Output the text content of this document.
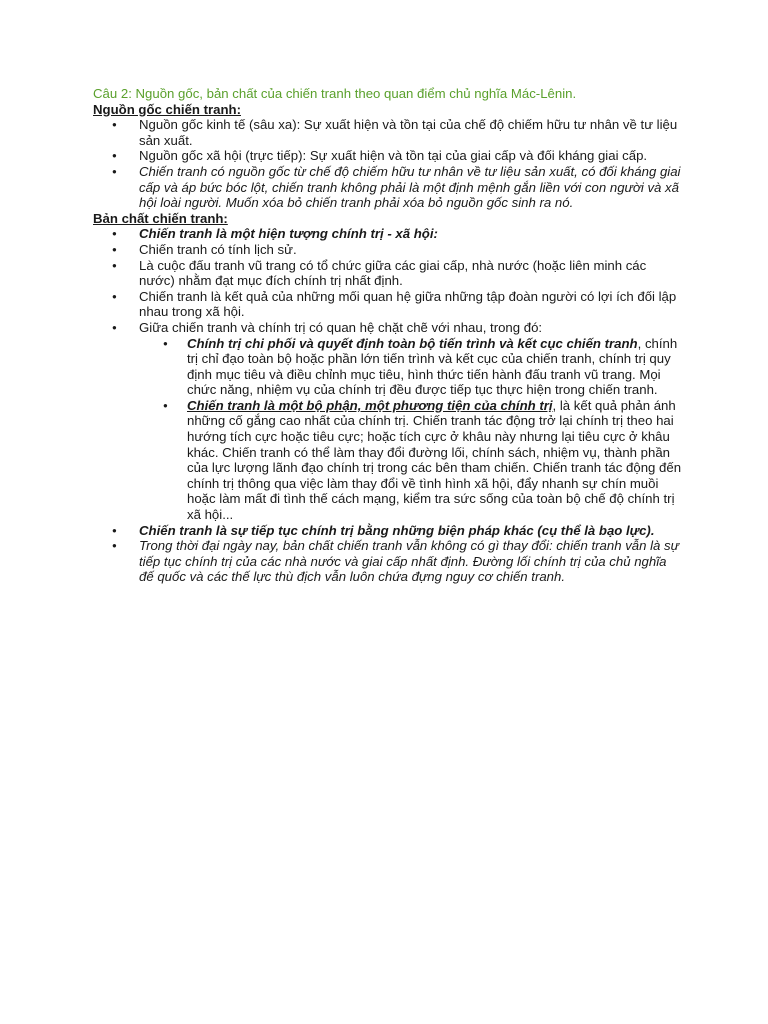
Câu 2: Nguồn gốc, bản chất của chiến tranh theo quan điểm chủ nghĩa Mác-Lênin.

Nguồn gốc chiến tranh:

● Nguồn gốc kinh tế (sâu xa): Sự xuất hiện và tồn tại của chế độ chiếm hữu tư nhân về tư liệu sản xuất.
● Nguồn gốc xã hội (trực tiếp): Sự xuất hiện và tồn tại của giai cấp và đối kháng giai cấp.
● Chiến tranh có nguồn gốc từ chế độ chiếm hữu tư nhân về tư liệu sản xuất, có đối kháng giai cấp và áp bức bóc lột, chiến tranh không phải là một định mệnh gắn liền với con người và xã hội loài người. Muốn xóa bỏ chiến tranh phải xóa bỏ nguồn gốc sinh ra nó.

Bản chất chiến tranh:

● Chiến tranh là một hiện tượng chính trị - xã hội:
● Chiến tranh có tính lịch sử.
● Là cuộc đấu tranh vũ trang có tổ chức giữa các giai cấp, nhà nước (hoặc liên minh các nước) nhằm đạt mục đích chính trị nhất định.
● Chiến tranh là kết quả của những mối quan hệ giữa những tập đoàn người có lợi ích đối lập nhau trong xã hội.
● Giữa chiến tranh và chính trị có quan hệ chặt chẽ với nhau, trong đó:
● Chính trị chi phối và quyết định toàn bộ tiến trình và kết cục chiến tranh, chính trị chỉ đạo toàn bộ hoặc phần lớn tiến trình và kết cục của chiến tranh, chính trị quy định mục tiêu và điều chỉnh mục tiêu, hình thức tiến hành đấu tranh vũ trang. Mọi chức năng, nhiệm vụ của chính trị đều được tiếp tục thực hiện trong chiến tranh.
● Chiến tranh là một bộ phận, một phương tiện của chính trị, là kết quả phản ánh những cố gắng cao nhất của chính trị. Chiến tranh tác động trở lại chính trị theo hai hướng tích cực hoặc tiêu cực; hoặc tích cực ở khâu này nhưng lại tiêu cực ở khâu khác. Chiến tranh có thể làm thay đổi đường lối, chính sách, nhiệm vụ, thành phần của lực lượng lãnh đạo chính trị trong các bên tham chiến. Chiến tranh tác động đến chính trị thông qua việc làm thay đổi về tình hình xã hội, đẩy nhanh sự chín muồi hoặc làm mất đi tình thế cách mạng, kiểm tra sức sống của toàn bộ chế độ chính trị xã hội...
● Chiến tranh là sự tiếp tục chính trị bằng những biện pháp khác (cụ thể là bạo lực).
● Trong thời đại ngày nay, bản chất chiến tranh vẫn không có gì thay đổi: chiến tranh vẫn là sự tiếp tục chính trị của các nhà nước và giai cấp nhất định. Đường lối chính trị của chủ nghĩa đế quốc và các thế lực thù địch vẫn luôn chứa đựng nguy cơ chiến tranh.
